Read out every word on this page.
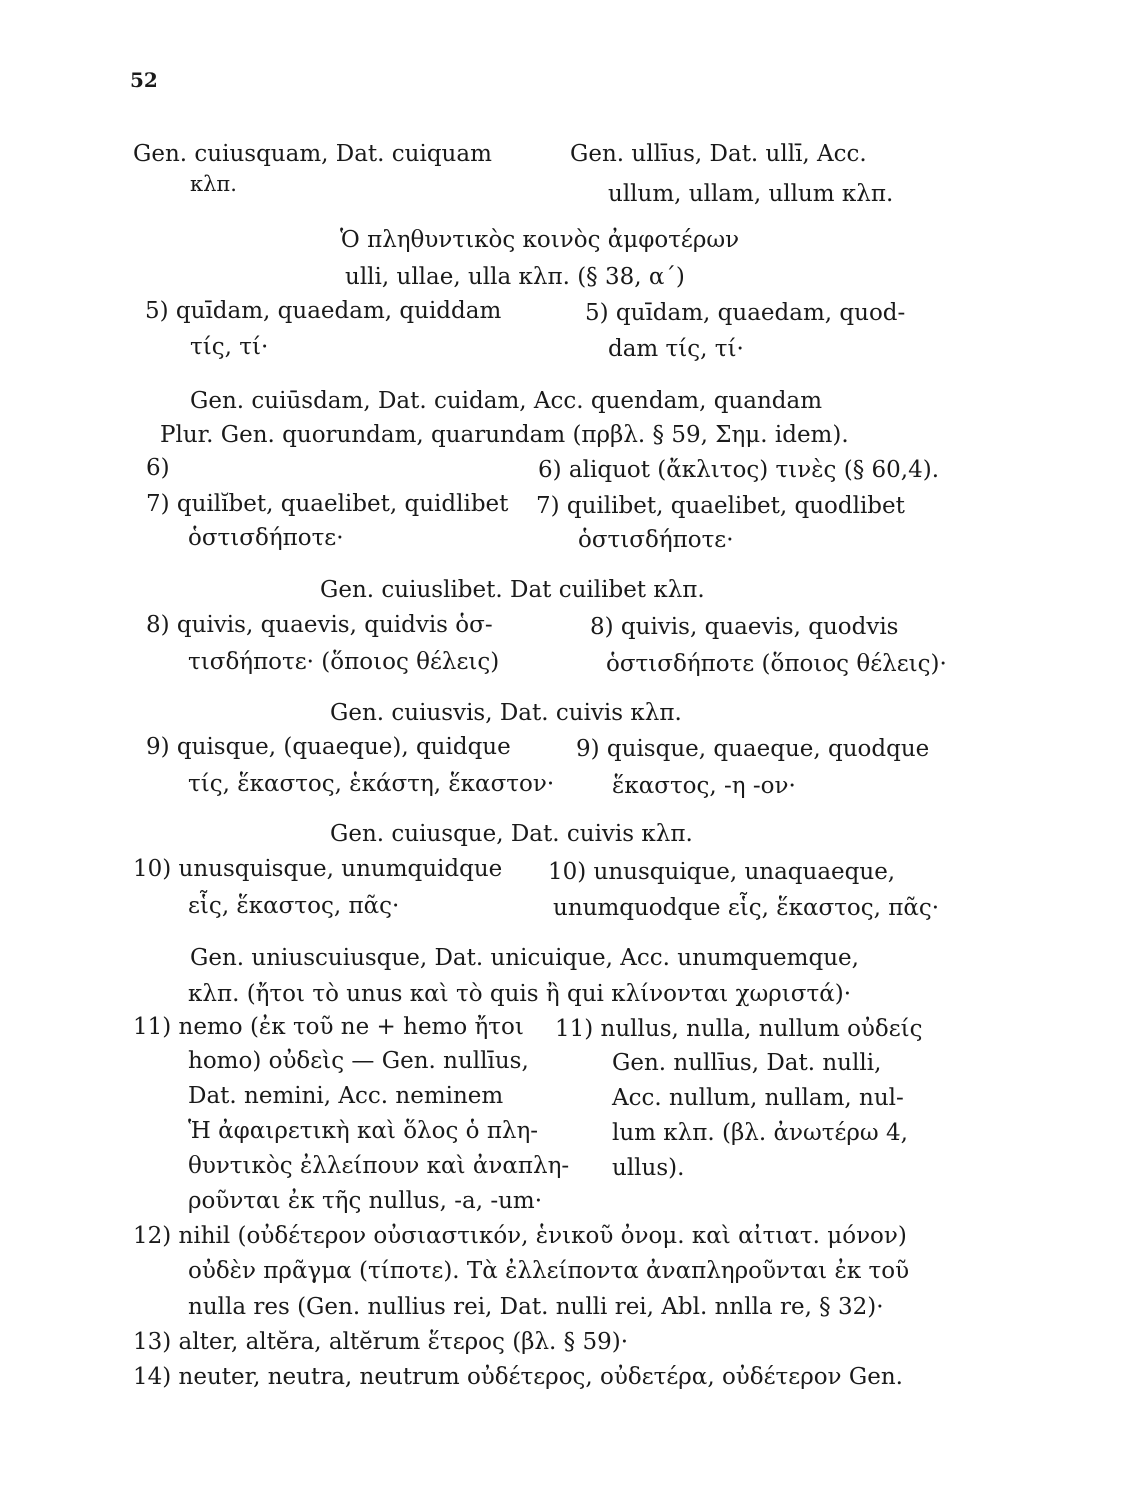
52
Gen. cuiusquam, Dat. cuiquam	Gen. ullīus, Dat. ullī, Acc.
κλπ.	ullum, ullam, ullum κλπ.
Ὁ πληθυντικὸς κοινὸς ἀμφοτέρων
ulli, ullae, ulla κλπ. (§ 38, α΄)
5) quīdam, quaedam, quiddam	5) quīdam, quaedam, quod-
τίς, τί·	dam τίς, τί·
Gen. cuiūsdam, Dat. cuidam, Acc. quendam, quandam
Plur. Gen. quorundam, quarundam (πρβλ. § 59, Σημ. idem).
6)	6) aliquot (ἄκλιτος) τινὲς (§ 60,4).
7) quilĭbet, quaelibet, quidlibet 7) quilibet, quaelibet, quodlibet
ὁστισδήποτε·	ὁστισδήποτε·
Gen. cuiuslibet. Dat cuilibet κλπ.
8) quivis, quaevis, quidvis ὁσ-	8) quivis, quaevis, quodvis
τισδήποτε· (ὅποιος θέλεις)	ὁστισδήποτε (ὅποιος θέλεις)·
Gen. cuiusvis, Dat. cuivis κλπ.
9) quisque, (quaeque), quidque	9) quisque, quaeque, quodque
τίς, ἕκαστος, ἑκάστη, ἕκαστον·	ἕκαστος, -η -ον·
Gen. cuiusque, Dat. cuivis κλπ.
10) unusquisque, unumquidque 10) unusquique, unaquaeque,
εἷς, ἕκαστος, πᾶς·	unumquodque εἷς, ἕκαστος, πᾶς·
Gen. uniuscuiusque, Dat. unicuique, Acc. unumquemque,
κλπ. (ἤτοι τὸ unus καὶ τὸ quis ἢ qui κλίνονται χωριστά)·
11) nemo (ἐκ τοῦ ne + hemo ἤτοι 11) nullus, nulla, nullum οὐδείς
homo) οὐδεὶς — Gen. nullīus,	Gen. nullīus, Dat. nulli,
Dat. nemini, Acc. neminem	Acc. nullum, nullam, nul-
Ἡ ἀφαιρετικὴ καὶ ὅλος ὁ πλη-	lum κλπ. (βλ. ἀνωτέρω 4,
θυντικὸς ἐλλείπουν καὶ ἀναπλη- ullus).
ροῦνται ἐκ τῆς nullus, -a, -um·
12) nihil (οὐδέτερον οὐσιαστικόν, ἑνικοῦ ὀνομ. καὶ αἰτιατ. μόνον)
οὐδὲν πρᾶγμα (τίποτε). Τὰ ἐλλείποντα ἀναπληροῦνται ἐκ τοῦ
nulla res (Gen. nullius rei, Dat. nulli rei, Abl. nnlla re, § 32)·
13) alter, altĕra, altĕrum ἕτερος (βλ. § 59)·
14) neuter, neutra, neutrum οὐδέτερος, οὐδετέρα, οὐδέτερον Gen.
